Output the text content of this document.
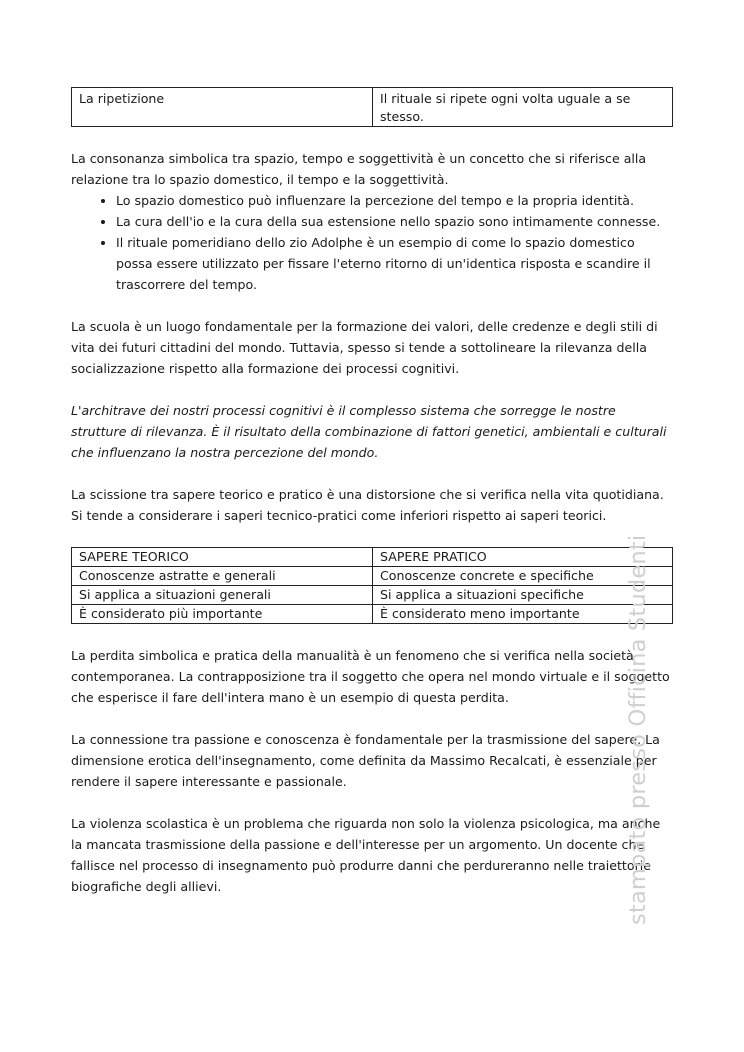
La ripetizione	Il rituale si ripete ogni volta uguale a se stesso.

La consonanza simbolica tra spazio, tempo e soggettività è un concetto che si riferisce alla relazione tra lo spazio domestico, il tempo e la soggettività.

• Lo spazio domestico può influenzare la percezione del tempo e la propria identità.
• La cura dell'io e la cura della sua estensione nello spazio sono intimamente connesse.
• Il rituale pomeridiano dello zio Adolphe è un esempio di come lo spazio domestico possa essere utilizzato per fissare l'eterno ritorno di un'identica risposta e scandire il trascorrere del tempo.

La scuola è un luogo fondamentale per la formazione dei valori, delle credenze e degli stili di vita dei futuri cittadini del mondo. Tuttavia, spesso si tende a sottolineare la rilevanza della socializzazione rispetto alla formazione dei processi cognitivi.

L'architrave dei nostri processi cognitivi è il complesso sistema che sorregge le nostre strutture di rilevanza. È il risultato della combinazione di fattori genetici, ambientali e culturali che influenzano la nostra percezione del mondo.

La scissione tra sapere teorico e pratico è una distorsione che si verifica nella vita quotidiana. Si tende a considerare i saperi tecnico-pratici come inferiori rispetto ai saperi teorici.

SAPERE TEORICO	SAPERE PRATICO
Conoscenze astratte e generali	Conoscenze concrete e specifiche
Si applica a situazioni generali	Si applica a situazioni specifiche
È considerato più importante	È considerato meno importante

La perdita simbolica e pratica della manualità è un fenomeno che si verifica nella società contemporanea. La contrapposizione tra il soggetto che opera nel mondo virtuale e il soggetto che esperisce il fare dell'intera mano è un esempio di questa perdita.

La connessione tra passione e conoscenza è fondamentale per la trasmissione del sapere. La dimensione erotica dell'insegnamento, come definita da Massimo Recalcati, è essenziale per rendere il sapere interessante e passionale.

La violenza scolastica è un problema che riguarda non solo la violenza psicologica, ma anche la mancata trasmissione della passione e dell'interesse per un argomento. Un docente che fallisce nel processo di insegnamento può produrre danni che perdureranno nelle traiettorie biografiche degli allievi.	stampato presso Officina Studenti
